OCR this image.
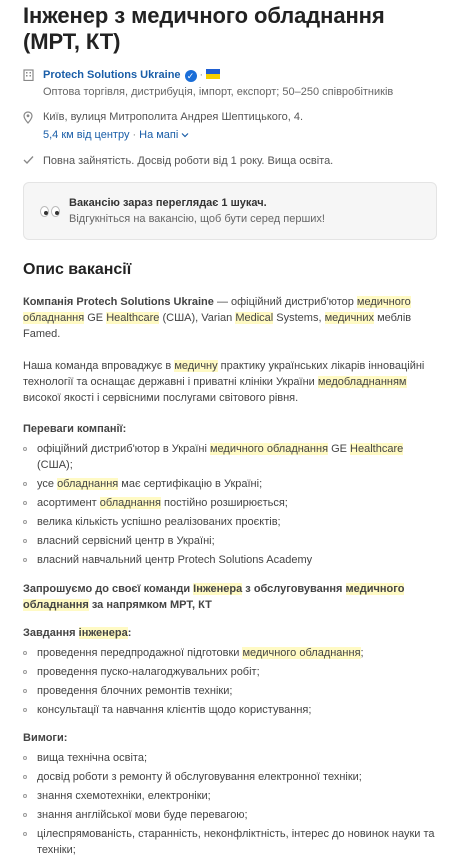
Інженер з медичного обладнання (МРТ, КТ)
Protech Solutions Ukraine ✓ ·
Оптова торгівля, дистрибуція, імпорт, експорт; 50–250 співробітників
Київ, вулиця Митрополита Андрея Шептицького, 4.
5,4 км від центру · На мапі
Повна зайнятість. Досвід роботи від 1 року. Вища освіта.
Вакансію зараз переглядає 1 шукач.
Відгукніться на вакансію, щоб бути серед перших!
Опис вакансії

Компанія Protech Solutions Ukraine — офіційний дистриб'ютор медичного обладнання GE Healthcare (США), Varian Medical Systems, медичних меблів Famed.

Наша команда впроваджує в медичну практику українських лікарів інноваційні технології та оснащає державні і приватні клініки України медобладнанням високої якості і сервісними послугами світового рівня.

Переваги компанії:

офіційний дистриб'ютор в Україні медичного обладнання GE Healthcare (США);
усе обладнання має сертифікацію в Україні;
асортимент обладнання постійно розширюється;
велика кількість успішно реалізованих проєктів;
власний сервісний центр в Україні;
власний навчальний центр Protech Solutions Academy

Запрошуємо до своєї команди Інженера з обслуговування медичного обладнання за напрямком МРТ, КТ

Завдання інженера:

проведення передпродажної підготовки медичного обладнання;
проведення пуско-налагоджувальних робіт;
проведення блочних ремонтів техніки;
консультації та навчання клієнтів щодо користування;

Вимоги:

вища технічна освіта;
досвід роботи з ремонту й обслуговування електронної техніки;
знання схемотехніки, електроніки;
знання англійської мови буде перевагою;
цілеспрямованість, старанність, неконфліктність, інтерес до новинок науки та техніки;
